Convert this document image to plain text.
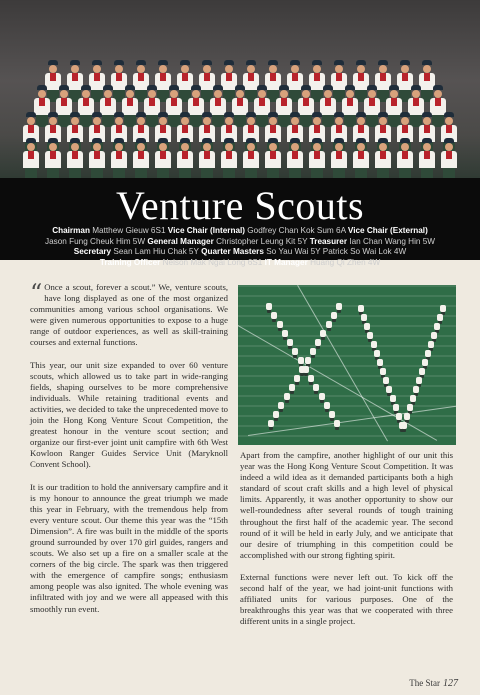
Venture Scouts
Chairman Matthew Gieuw 6S1 Vice Chair (Internal) Godfrey Chan Kok Sum 6A Vice Chair (External)
Jason Fung Cheuk Him 5W General Manager Christopher Leung Kit 5Y Treasurer Ian Chan Wang Hin 5W
Secretary Sean Lam Hiu Chak 5Y Quarter Masters So Yau Wai 5Y Patrick So Wai Lok 4W
Training Officer Nelson Mak Ngai Long 6S1 IT Manager Huang Qi Zhen 4W

“ Once a scout, forever a scout.” We, venture scouts, have long displayed as one of the most organized communities among various school organisations. We were given numerous opportunities to expose to a huge range of outdoor experiences, as well as skill-training courses and external functions.

This year, our unit size expanded to over 60 venture scouts, which allowed us to take part in wide-ranging fields, shaping ourselves to be more comprehensive individuals. While retaining traditional events and activities, we decided to take the unprecedented move to join the Hong Kong Venture Scout Competition, the greatest honour in the venture scout section; and organize our first-ever joint unit campfire with 6th West Kowloon Ranger Guides Service Unit (Maryknoll Convent School).

It is our tradition to hold the anniversary campfire and it is my honour to announce the great triumph we made this year in February, with the tremendous help from every venture scout. Our theme this year was the “15th Dimension”. A fire was built in the middle of the sports ground surrounded by over 170 girl guides, rangers and scouts. We also set up a fire on a smaller scale at the corners of the big circle. The spark was then triggered with the emergence of campfire songs; enthusiasm among people was also ignited. The whole evening was infiltrated with joy and we were all appeased with this smoothly run event.

Apart from the campfire, another highlight of our unit this year was the Hong Kong Venture Scout Competition. It was indeed a wild idea as it demanded participants both a high standard of scout craft skills and a high level of physical limits. Apparently, it was another opportunity to show our well-roundedness after several rounds of tough training throughout the first half of the academic year. The second round of it will be held in early July, and we anticipate that our desire of triumphing in this competition could be accomplished with our strong fighting spirit.

External functions were never left out. To kick off the second half of the year, we had joint-unit functions with affiliated units for various purposes. One of the breakthroughs this year was that we cooperated with three different units in a single project.

The Star 127
